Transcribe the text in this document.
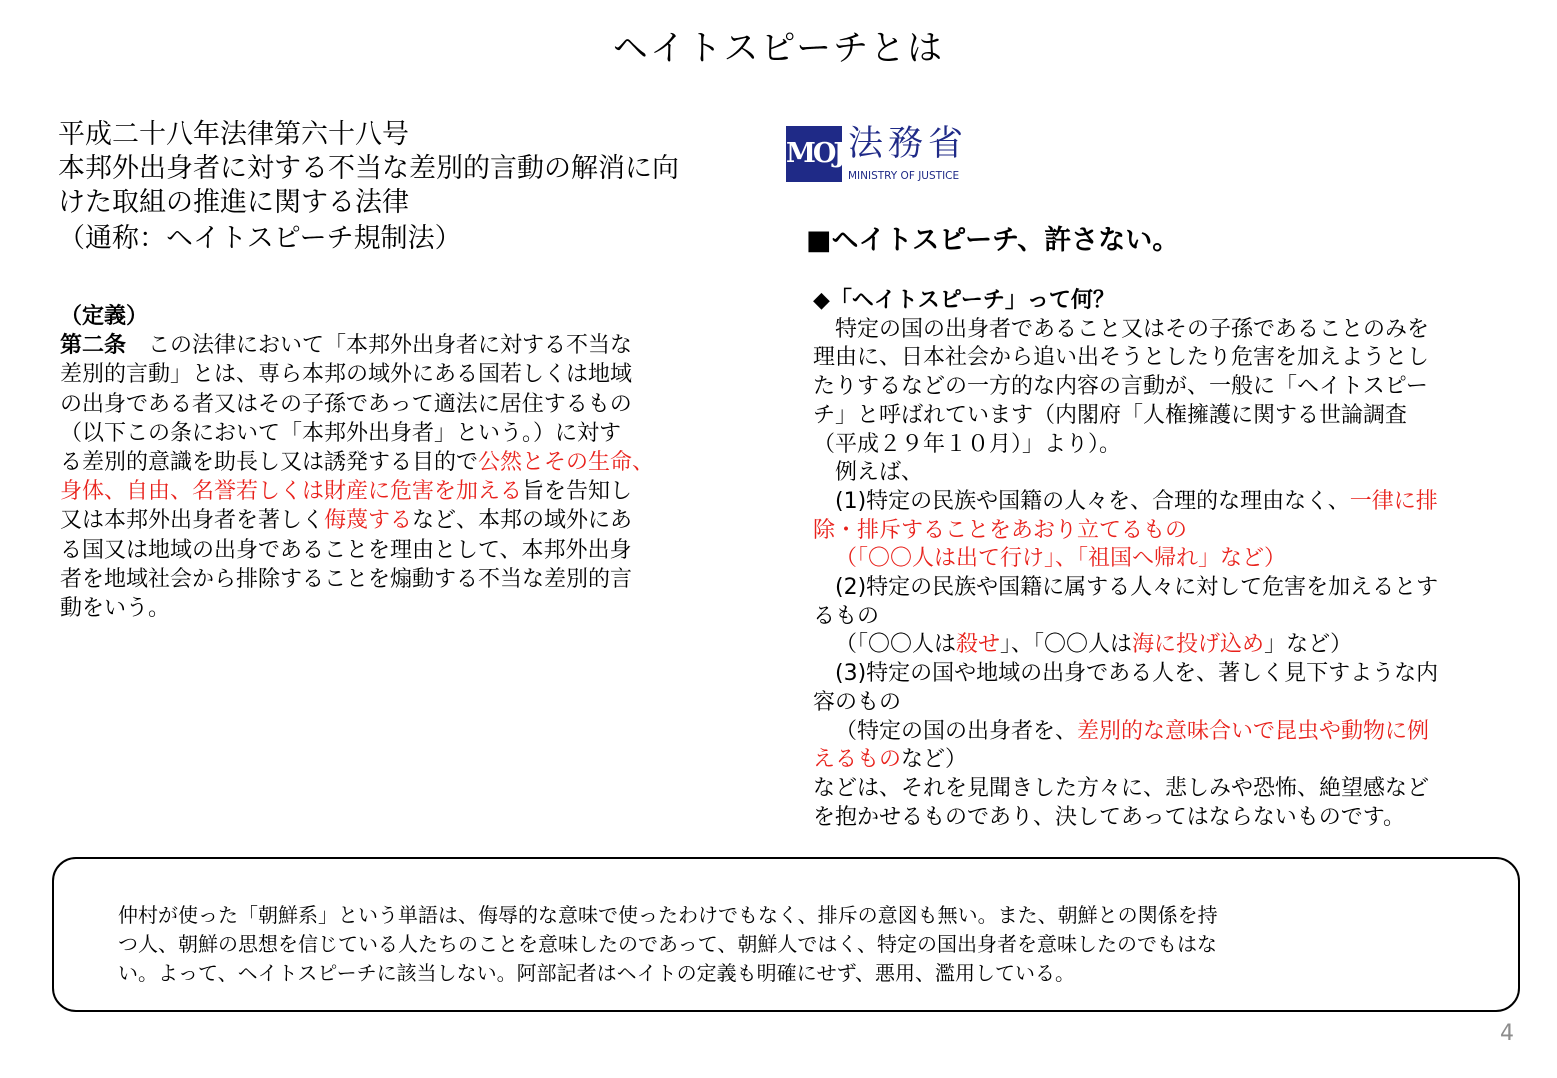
ヘイトスピーチとは
平成二十八年法律第六十八号
本邦外出身者に対する不当な差別的言動の解消に向
けた取組の推進に関する法律
（通称：ヘイトスピーチ規制法）
（定義）
第二条　 この法律において「本邦外出身者に対する不当な
差別的言動」とは、専ら本邦の域外にある国若しくは地域
の出身である者又はその子孫であって適法に居住するもの
（以下この条において「本邦外出身者」という。）に対す
る差別的意識を助長し又は誘発する目的で公然とその生命、
身体、自由、名誉若しくは財産に危害を加える旨を告知し
又は本邦外出身者を著しく侮蔑するなど、本邦の域外にあ
る国又は地域の出身であることを理由として、本邦外出身
者を地域社会から排除することを煽動する不当な差別的言
動をいう。
MOJ 法務省
MINISTRY OF JUSTICE
■ヘイトスピーチ、許さない。
◆「ヘイトスピーチ」って何？
　特定の国の出身者であること又はその子孫であることのみを
理由に、日本社会から追い出そうとしたり危害を加えようとし
たりするなどの一方的な内容の言動が、一般に「ヘイトスピー
チ」と呼ばれています（内閣府「人権擁護に関する世論調査
（平成２９年１０月）」より）。
　例えば、
　(1)特定の民族や国籍の人々を、合理的な理由なく、一律に排
除・排斥することをあおり立てるもの
（「〇〇人は出て行け」、「祖国へ帰れ」など）
　(2)特定の民族や国籍に属する人々に対して危害を加えるとす
るもの
（「〇〇人は殺せ」、「〇〇人は海に投げ込め」など）
　(3)特定の国や地域の出身である人を、著しく見下すような内
容のもの
（特定の国の出身者を、差別的な意味合いで昆虫や動物に例
えるものなど）
などは、それを見聞きした方々に、悲しみや恐怖、絶望感など
を抱かせるものであり、決してあってはならないものです。
仲村が使った「朝鮮系」という単語は、侮辱的な意味で使ったわけでもなく、排斥の意図も無い。また、朝鮮との関係を持
つ人、朝鮮の思想を信じている人たちのことを意味したのであって、朝鮮人ではく、特定の国出身者を意味したのでもはな
い。よって、ヘイトスピーチに該当しない。阿部記者はヘイトの定義も明確にせず、悪用、濫用している。
4
